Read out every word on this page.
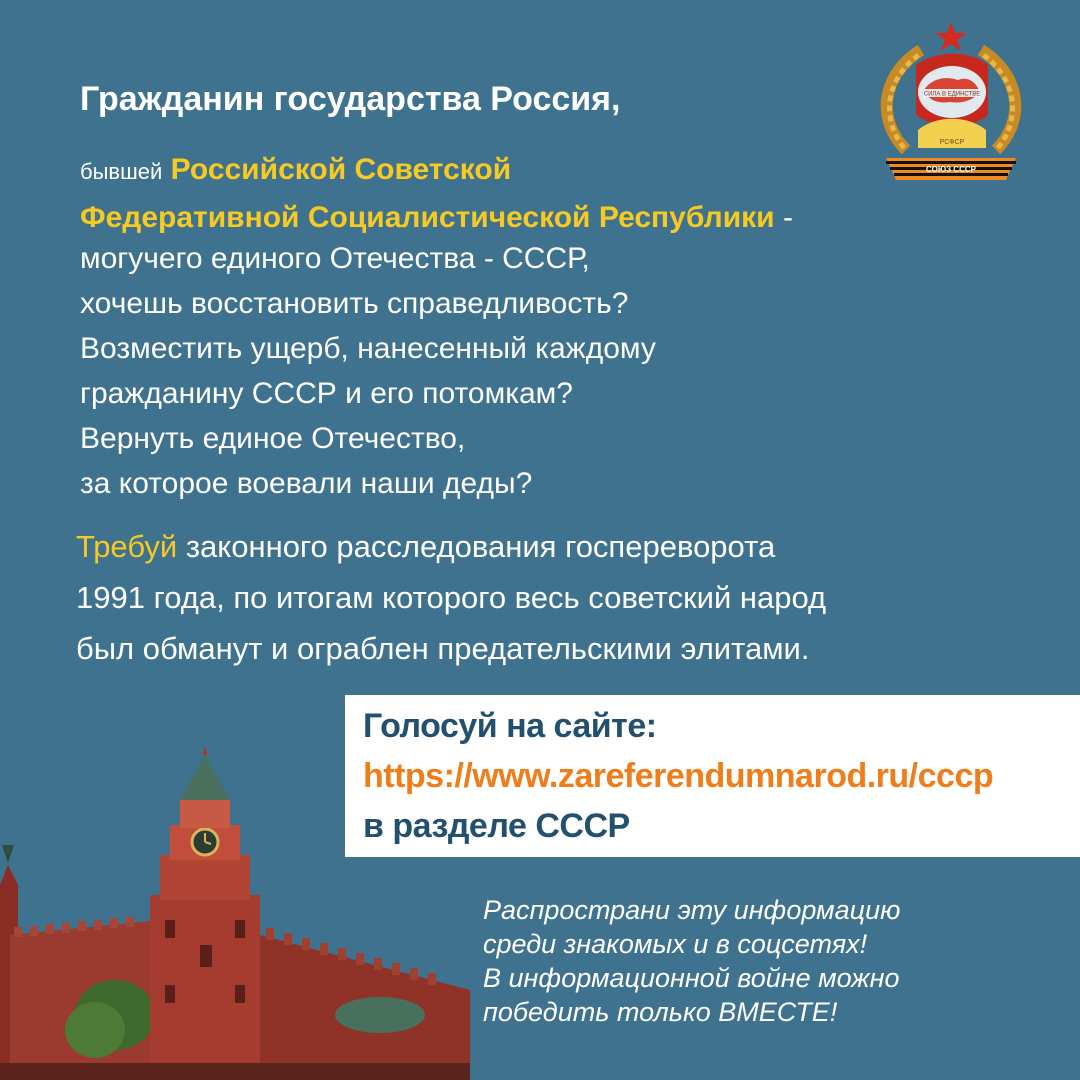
Гражданин государства Россия,
бывшей Российской Советской
Федеративной Социалистической Республики -
могучего единого Отечества - СССР,
хочешь восстановить справедливость?
Возместить ущерб, нанесенный каждому
гражданину СССР и его потомкам?
Вернуть единое Отечество,
за которое воевали наши деды?
Требуй законного расследования госпереворота
1991 года, по итогам которого весь советский народ
был обманут и ограблен предательскими элитами.
Голосуй на сайте:
https://www.zareferendumnarod.ru/cccp
в разделе СССР
Распространи эту информацию
среди знакомых и в соцсетях!
В информационной войне можно
победить только ВМЕСТЕ!
СИЛА В ЕДИНСТВЕ
РСФСР
СОЮЗ СССР
